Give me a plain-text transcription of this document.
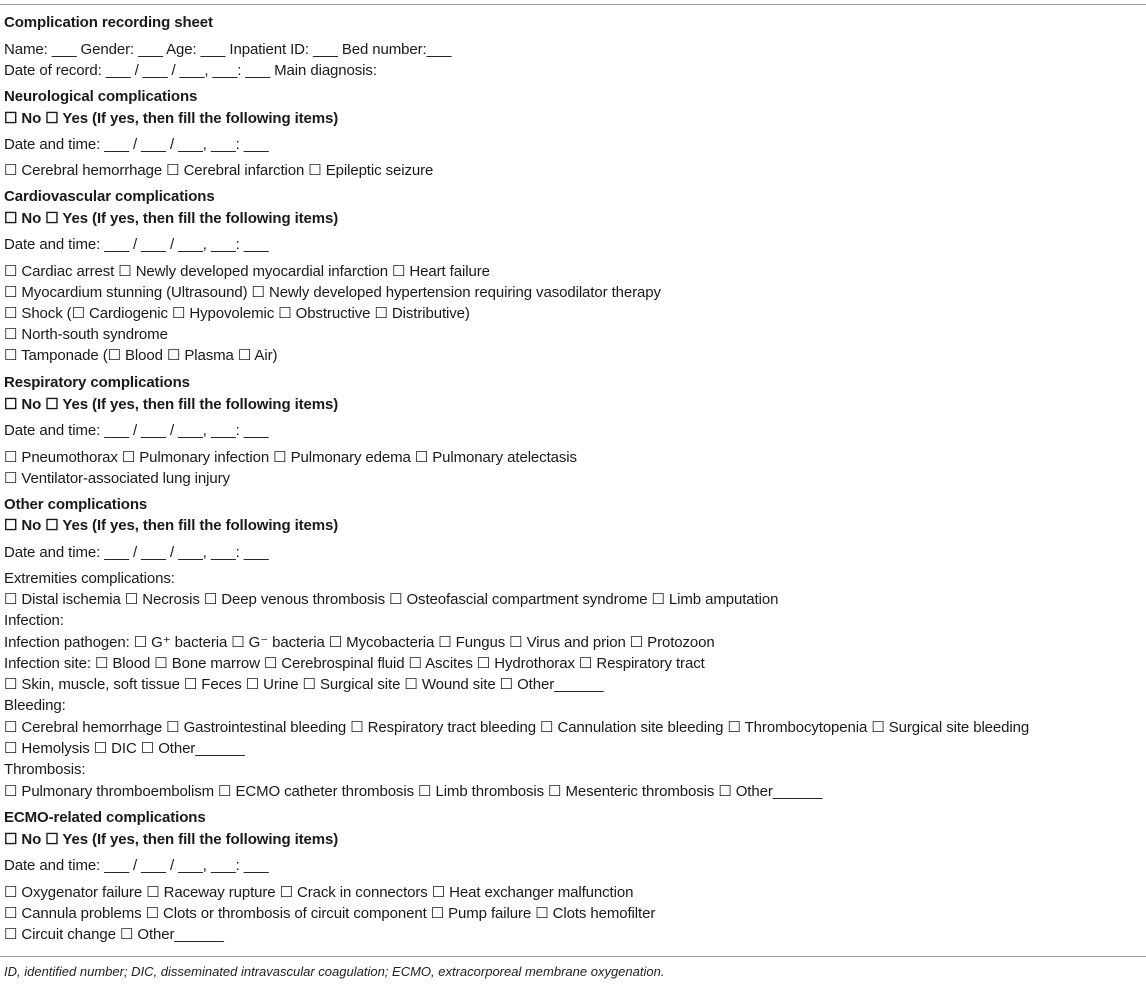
Complication recording sheet
Name: ___ Gender: ___ Age: ___ Inpatient ID: ___ Bed number:___
Date of record: ___ / ___ / ___, ___: ___ Main diagnosis:
Neurological complications
☐ No ☐ Yes (If yes, then fill the following items)
Date and time: ___ / ___ / ___, ___: ___
☐ Cerebral hemorrhage ☐ Cerebral infarction ☐ Epileptic seizure
Cardiovascular complications
☐ No ☐ Yes (If yes, then fill the following items)
Date and time: ___ / ___ / ___, ___: ___
☐ Cardiac arrest ☐ Newly developed myocardial infarction ☐ Heart failure
☐ Myocardium stunning (Ultrasound) ☐ Newly developed hypertension requiring vasodilator therapy
☐ Shock (☐ Cardiogenic ☐ Hypovolemic ☐ Obstructive ☐ Distributive)
☐ North-south syndrome
☐ Tamponade (☐ Blood ☐ Plasma ☐ Air)
Respiratory complications
☐ No ☐ Yes (If yes, then fill the following items)
Date and time: ___ / ___ / ___, ___: ___
☐ Pneumothorax ☐ Pulmonary infection ☐ Pulmonary edema ☐ Pulmonary atelectasis
☐ Ventilator-associated lung injury
Other complications
☐ No ☐ Yes (If yes, then fill the following items)
Date and time: ___ / ___ / ___, ___: ___
Extremities complications:
☐ Distal ischemia ☐ Necrosis ☐ Deep venous thrombosis ☐ Osteofascial compartment syndrome ☐ Limb amputation
Infection:
Infection pathogen: ☐ G⁺ bacteria ☐ G⁻ bacteria ☐ Mycobacteria ☐ Fungus ☐ Virus and prion ☐ Protozoon
Infection site: ☐ Blood ☐ Bone marrow ☐ Cerebrospinal fluid ☐ Ascites ☐ Hydrothorax ☐ Respiratory tract
☐ Skin, muscle, soft tissue ☐ Feces ☐ Urine ☐ Surgical site ☐ Wound site ☐ Other______
Bleeding:
☐ Cerebral hemorrhage ☐ Gastrointestinal bleeding ☐ Respiratory tract bleeding ☐ Cannulation site bleeding ☐ Thrombocytopenia ☐ Surgical site bleeding
☐ Hemolysis ☐ DIC ☐ Other______
Thrombosis:
☐ Pulmonary thromboembolism ☐ ECMO catheter thrombosis ☐ Limb thrombosis ☐ Mesenteric thrombosis ☐ Other______
ECMO-related complications
☐ No ☐ Yes (If yes, then fill the following items)
Date and time: ___ / ___ / ___, ___: ___
☐ Oxygenator failure ☐ Raceway rupture ☐ Crack in connectors ☐ Heat exchanger malfunction
☐ Cannula problems ☐ Clots or thrombosis of circuit component ☐ Pump failure ☐ Clots hemofilter
☐ Circuit change ☐ Other______
ID, identified number; DIC, disseminated intravascular coagulation; ECMO, extracorporeal membrane oxygenation.
